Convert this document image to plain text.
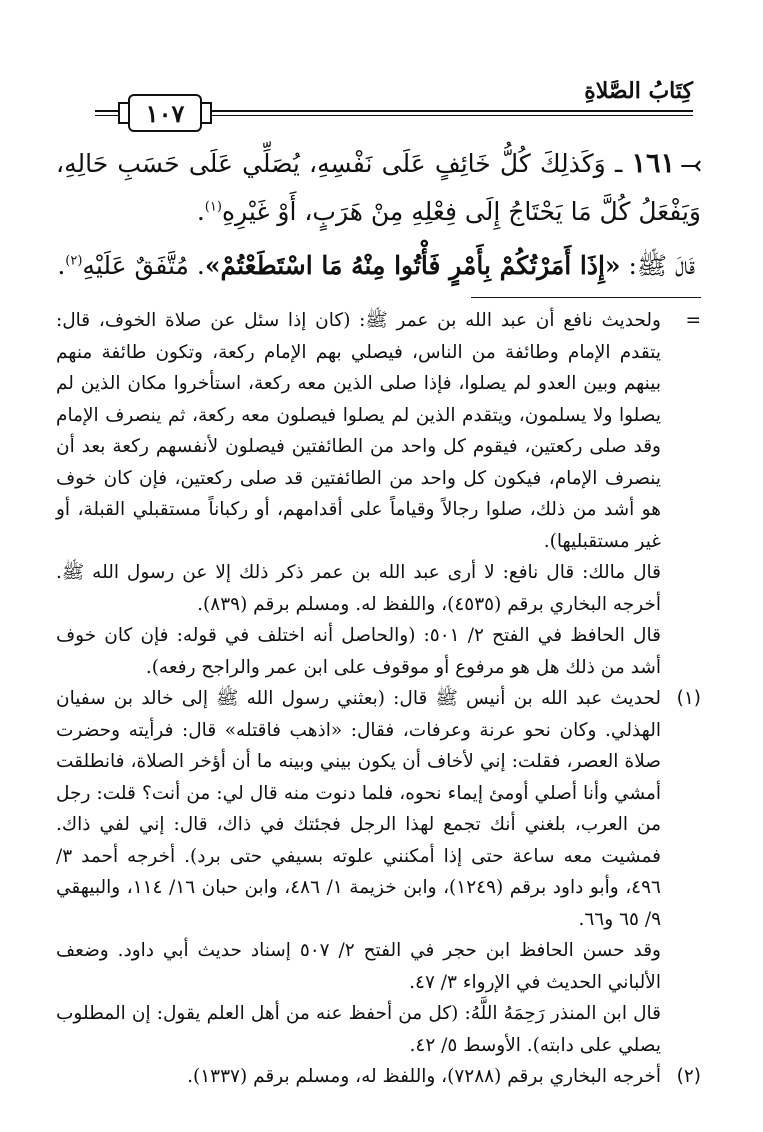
كِتَابُ الصَّلاةِ
١٠٧

⤙١٦١ ـ وَكَذلِكَ كُلُّ خَائِفٍ عَلَى نَفْسِهِ، يُصَلِّي عَلَى حَسَبِ حَالِهِ، وَيَفْعَلُ كُلَّ مَا يَحْتَاجُ إِلَى فِعْلِهِ مِنْ هَرَبٍ، أَوْ غَيْرِهِ$^{(١)}$.

قَالَ ﷺ: «إِذَا أَمَرْتُكُمْ بِأَمْرٍ فَأْتُوا مِنْهُ مَا اسْتَطَعْتُمْ». مُتَّفَقٌ عَلَيْهِ$^{(٢)}$.

=

ولحديث نافع أن عبد الله بن عمر ﷺ: (كان إذا سئل عن صلاة الخوف، قال: يتقدم الإمام وطائفة من الناس، فيصلي بهم الإمام ركعة، وتكون طائفة منهم بينهم وبين العدو لم يصلوا، فإذا صلى الذين معه ركعة، استأخروا مكان الذين لم يصلوا ولا يسلمون، ويتقدم الذين لم يصلوا فيصلون معه ركعة، ثم ينصرف الإمام وقد صلى ركعتين، فيقوم كل واحد من الطائفتين فيصلون لأنفسهم ركعة بعد أن ينصرف الإمام، فيكون كل واحد من الطائفتين قد صلى ركعتين، فإن كان خوف هو أشد من ذلك، صلوا رجالاً وقياماً على أقدامهم، أو ركباناً مستقبلي القبلة، أو غير مستقبليها).

قال مالك: قال نافع: لا أرى عبد الله بن عمر ذكر ذلك إلا عن رسول الله ﷺ. أخرجه البخاري برقم (٤٥٣٥)، واللفظ له. ومسلم برقم (٨٣٩).

قال الحافظ في الفتح ٢/ ٥٠١: (والحاصل أنه اختلف في قوله: فإن كان خوف أشد من ذلك هل هو مرفوع أو موقوف على ابن عمر والراجح رفعه).

(١)

لحديث عبد الله بن أنيس ﷺ قال: (بعثني رسول الله ﷺ إلى خالد بن سفيان الهذلي. وكان نحو عرنة وعرفات، فقال: «اذهب فاقتله» قال: فرأيته وحضرت صلاة العصر، فقلت: إني لأخاف أن يكون بيني وبينه ما أن أؤخر الصلاة، فانطلقت أمشي وأنا أصلي أومئ إيماء نحوه، فلما دنوت منه قال لي: من أنت؟ قلت: رجل من العرب، بلغني أنك تجمع لهذا الرجل فجئتك في ذاك، قال: إني لفي ذاك. فمشيت معه ساعة حتى إذا أمكنني علوته بسيفي حتى برد). أخرجه أحمد ٣/ ٤٩٦، وأبو داود برقم (١٢٤٩)، وابن خزيمة ١/ ٤٨٦، وابن حبان ١٦/ ١١٤، والبيهقي ٩/ ٦٥ و٦٦.

وقد حسن الحافظ ابن حجر في الفتح ٢/ ٥٠٧ إسناد حديث أبي داود. وضعف الألباني الحديث في الإرواء ٣/ ٤٧.

قال ابن المنذر رَحِمَهُ اللَّهُ: (كل من أحفظ عنه من أهل العلم يقول: إن المطلوب يصلي على دابته). الأوسط ٥/ ٤٢.

(٢)

أخرجه البخاري برقم (٧٢٨٨)، واللفظ له، ومسلم برقم (١٣٣٧).
